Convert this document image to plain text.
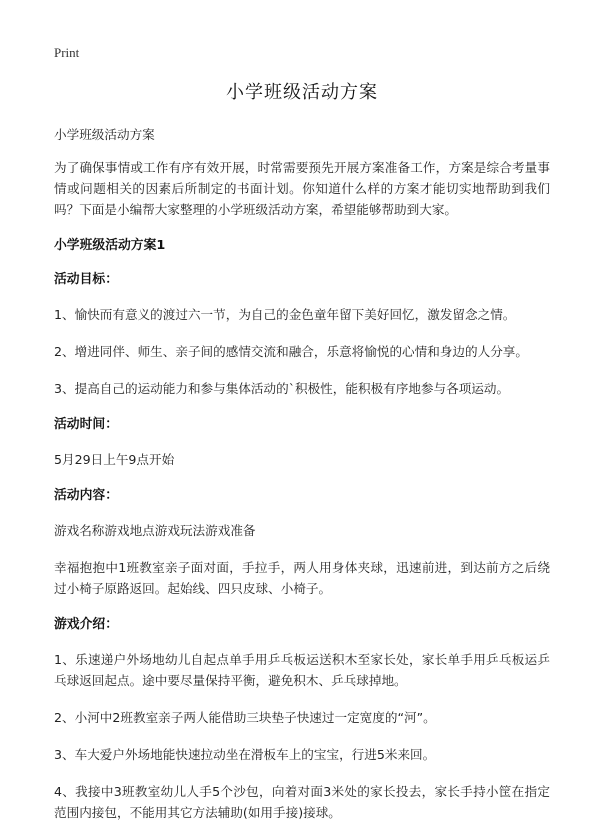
Print
小学班级活动方案

小学班级活动方案

为了确保事情或工作有序有效开展，时常需要预先开展方案准备工作，方案是综合考量事情或问题相关的因素后所制定的书面计划。你知道什么样的方案才能切实地帮助到我们吗？下面是小编帮大家整理的小学班级活动方案，希望能够帮助到大家。

小学班级活动方案1
活动目标：

1、愉快而有意义的渡过六一节，为自己的金色童年留下美好回忆，激发留念之情。

2、增进同伴、师生、亲子间的感情交流和融合，乐意将愉悦的心情和身边的人分享。

3、提高自己的运动能力和参与集体活动的`积极性，能积极有序地参与各项运动。

活动时间：

5月29日上午9点开始

活动内容：

游戏名称游戏地点游戏玩法游戏准备

幸福抱抱中1班教室亲子面对面，手拉手，两人用身体夹球，迅速前进，到达前方之后绕过小椅子原路返回。起始线、四只皮球、小椅子。

游戏介绍：

1、乐速递户外场地幼儿自起点单手用乒乓板运送积木至家长处，家长单手用乒乓板运乒乓球返回起点。途中要尽量保持平衡，避免积木、乒乓球掉地。

2、小河中2班教室亲子两人能借助三块垫子快速过一定宽度的“河”。

3、车大爱户外场地能快速拉动坐在滑板车上的宝宝，行进5米来回。

4、我接中3班教室幼儿人手5个沙包，向着对面3米处的家长投去，家长手持小筐在指定范围内接包，不能用其它方法辅助(如用手接)接球。
